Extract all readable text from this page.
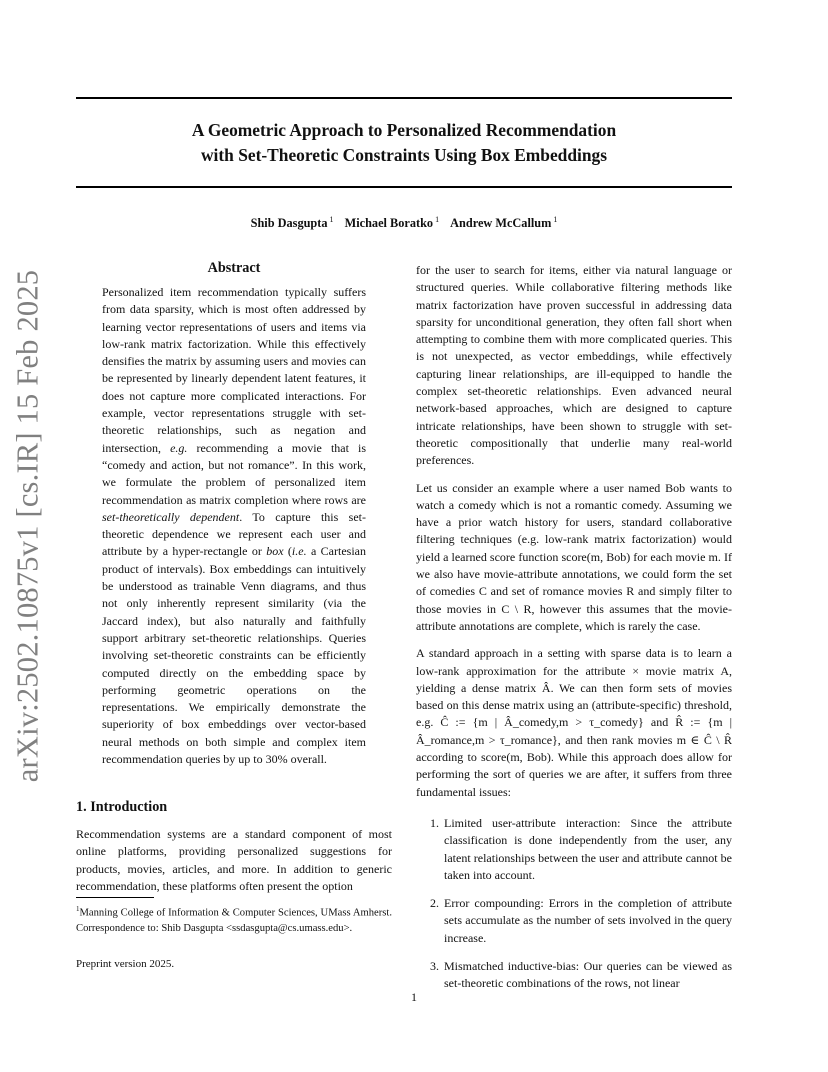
A Geometric Approach to Personalized Recommendation
with Set-Theoretic Constraints Using Box Embeddings
Shib Dasgupta $^1$ Michael Boratko $^1$ Andrew McCallum $^1$
arXiv:2502.10875v1 [cs.IR] 15 Feb 2025
Abstract
Personalized item recommendation typically suffers from data sparsity, which is most often addressed by learning vector representations of users and items via low-rank matrix factorization. While this effectively densifies the matrix by assuming users and movies can be represented by linearly dependent latent features, it does not capture more complicated interactions. For example, vector representations struggle with set-theoretic relationships, such as negation and intersection, e.g. recommending a movie that is “comedy and action, but not romance”. In this work, we formulate the problem of personalized item recommendation as matrix completion where rows are set-theoretically dependent. To capture this set-theoretic dependence we represent each user and attribute by a hyper-rectangle or box (i.e. a Cartesian product of intervals). Box embeddings can intuitively be understood as trainable Venn diagrams, and thus not only inherently represent similarity (via the Jaccard index), but also naturally and faithfully support arbitrary set-theoretic relationships. Queries involving set-theoretic constraints can be efficiently computed directly on the embedding space by performing geometric operations on the representations. We empirically demonstrate the superiority of box embeddings over vector-based neural methods on both simple and complex item recommendation queries by up to 30% overall.
1. Introduction
Recommendation systems are a standard component of most online platforms, providing personalized suggestions for products, movies, articles, and more. In addition to generic recommendation, these platforms often present the option
$^1$Manning College of Information & Computer Sciences, UMass Amherst. Correspondence to: Shib Dasgupta <ssdasgupta@cs.umass.edu>.
Preprint version 2025.

for the user to search for items, either via natural language or structured queries. While collaborative filtering methods like matrix factorization have proven successful in addressing data sparsity for unconditional generation, they often fall short when attempting to combine them with more complicated queries. This is not unexpected, as vector embeddings, while effectively capturing linear relationships, are ill-equipped to handle the complex set-theoretic relationships. Even advanced neural network-based approaches, which are designed to capture intricate relationships, have been shown to struggle with set-theoretic compositionally that underlie many real-world preferences.

Let us consider an example where a user named Bob wants to watch a comedy which is not a romantic comedy. Assuming we have a prior watch history for users, standard collaborative filtering techniques (e.g. low-rank matrix factorization) would yield a learned score function score(m, Bob) for each movie m. If we also have movie-attribute annotations, we could form the set of comedies C and set of romance movies R and simply filter to those movies in C \ R, however this assumes that the movie-attribute annotations are complete, which is rarely the case.

A standard approach in a setting with sparse data is to learn a low-rank approximation for the attribute × movie matrix A, yielding a dense matrix Â. We can then form sets of movies based on this dense matrix using an (attribute-specific) threshold, e.g. Ĉ := {m | Â_comedy,m > τ_comedy} and R̂ := {m | Â_romance,m > τ_romance}, and then rank movies m ∈ Ĉ \ R̂ according to score(m, Bob). While this approach does allow for performing the sort of queries we are after, it suffers from three fundamental issues:

1. Limited user-attribute interaction: Since the attribute classification is done independently from the user, any latent relationships between the user and attribute cannot be taken into account.
2. Error compounding: Errors in the completion of attribute sets accumulate as the number of sets involved in the query increase.
3. Mismatched inductive-bias: Our queries can be viewed as set-theoretic combinations of the rows, not linear
1
